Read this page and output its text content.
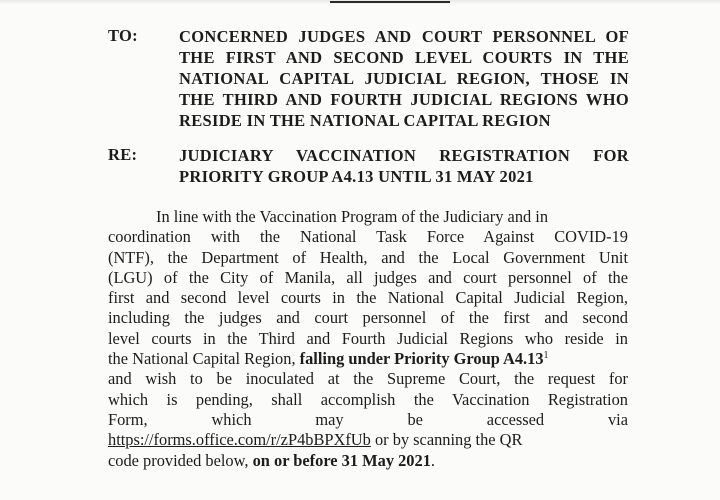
TO: CONCERNED JUDGES AND COURT PERSONNEL OF
THE FIRST AND SECOND LEVEL COURTS IN THE
NATIONAL CAPITAL JUDICIAL REGION, THOSE IN
THE THIRD AND FOURTH JUDICIAL REGIONS WHO
RESIDE IN THE NATIONAL CAPITAL REGION
RE:	JUDICIARY VACCINATION REGISTRATION FOR
PRIORITY GROUP A4.13 UNTIL 31 MAY 2021
In line with the Vaccination Program of the Judiciary and in
coordination with the National Task Force Against COVID-19
(NTF), the Department of Health, and the Local Government Unit
(LGU) of the City of Manila, all judges and court personnel of the
first and second level courts in the National Capital Judicial Region,
including the judges and court personnel of the first and second
level courts in the Third and Fourth Judicial Regions who reside in
the National Capital Region, falling under Priority Group A4.13$^1$
and wish to be inoculated at the Supreme Court, the request for
which is pending, shall accomplish the Vaccination Registration
Form, which may be accessed via
https://forms.office.com/r/zP4bBPXfUb or by scanning the QR
code provided below, on or before 31 May 2021.
